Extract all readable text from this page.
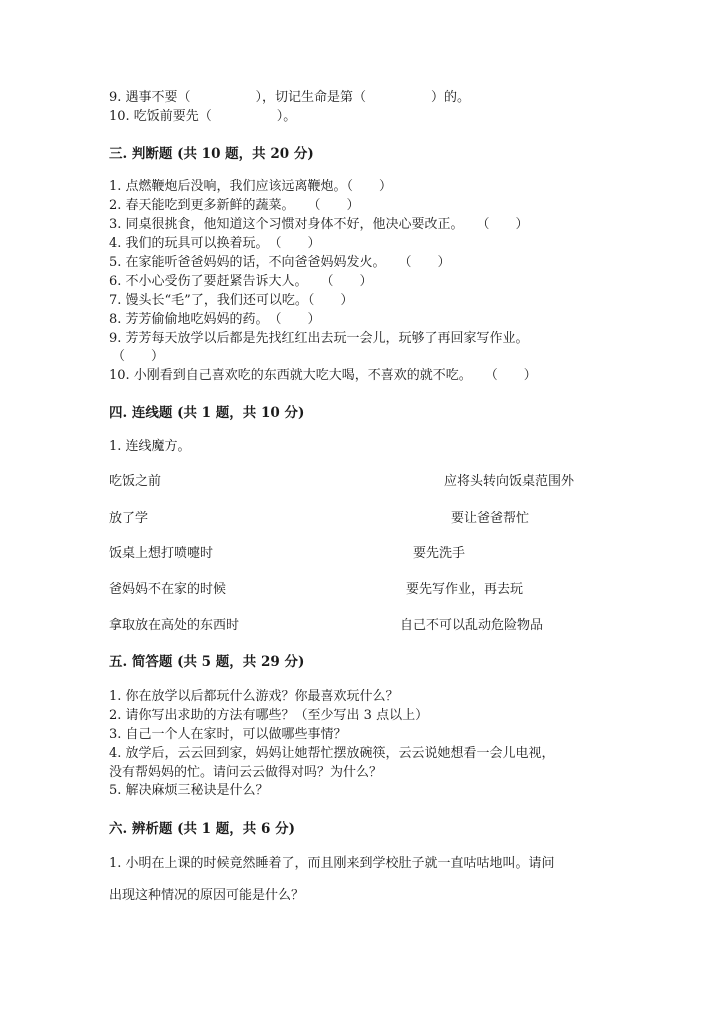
9. 遇事不要（　　　　　），切记生命是第（　　　　　）的。
10. 吃饭前要先（　　　　　）。
三. 判断题 (共 10 题，共 20 分)
1. 点燃鞭炮后没响，我们应该远离鞭炮。（　　）
2. 春天能吃到更多新鲜的蔬菜。　　（　　）
3. 同桌很挑食，他知道这个习惯对身体不好，他决心要改正。　　（　　）
4. 我们的玩具可以换着玩。　（　　）
5. 在家能听爸爸妈妈的话，不向爸爸妈妈发火。　　（　　）
6. 不小心受伤了要赶紧告诉大人。　　（　　）
7. 馒头长“毛”了，我们还可以吃。（　　）
8. 芳芳偷偷地吃妈妈的药。　（　　）
9. 芳芳每天放学以后都是先找红红出去玩一会儿，玩够了再回家写作业。
（　　）
10. 小刚看到自己喜欢吃的东西就大吃大喝，不喜欢的就不吃。　　（　　）
四. 连线题 (共 1 题，共 10 分)
1. 连线魔方。
吃饭之前
放了学
饭桌上想打喷嚏时
爸妈妈不在家的时候
拿取放在高处的东西时
应将头转向饭桌范围外
要让爸爸帮忙
要先洗手
要先写作业，再去玩
自己不可以乱动危险物品
五. 简答题 (共 5 题，共 29 分)
1. 你在放学以后都玩什么游戏？你最喜欢玩什么？
2. 请你写出求助的方法有哪些？（至少写出 3 点以上）
3. 自己一个人在家时，可以做哪些事情？
4. 放学后，云云回到家，妈妈让她帮忙摆放碗筷，云云说她想看一会儿电视，
没有帮妈妈的忙。请问云云做得对吗？为什么？
5. 解决麻烦三秘诀是什么？
六. 辨析题 (共 1 题，共 6 分)
1. 小明在上课的时候竟然睡着了，而且刚来到学校肚子就一直咕咕地叫。请问
出现这种情况的原因可能是什么？
